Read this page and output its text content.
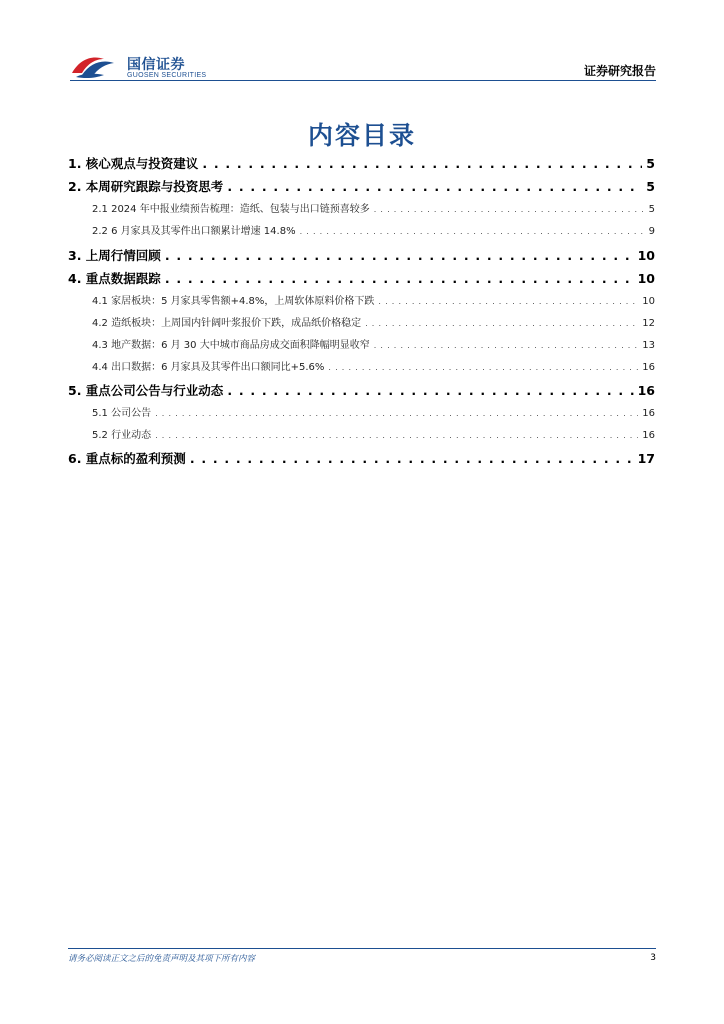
国信证券
GUOSEN SECURITIES	证券研究报告
内容目录
1. 核心观点与投资建议 . . .	5
2. 本周研究跟踪与投资思考 . . .	5
2.1 2024 年中报业绩预告梳理：造纸、包装与出口链预喜较多 . . .	5
2.2 6 月家具及其零件出口额累计增速 14.8% . . .	9
3. 上周行情回顾 . . .	10
4. 重点数据跟踪 . . .	10
4.1 家居板块：5 月家具零售额+4.8%，上周软体原料价格下跌 . . .	10
4.2 造纸板块：上周国内针阔叶浆报价下跌，成品纸价格稳定 . . .	12
4.3 地产数据：6 月 30 大中城市商品房成交面积降幅明显收窄 . . .	13
4.4 出口数据：6 月家具及其零件出口额同比+5.6% . . .	16
5. 重点公司公告与行业动态 . . .	16
5.1 公司公告 . . .	16
5.2 行业动态 . . .	16
6. 重点标的盈利预测 . . .	17
请务必阅读正文之后的免责声明及其项下所有内容	3
